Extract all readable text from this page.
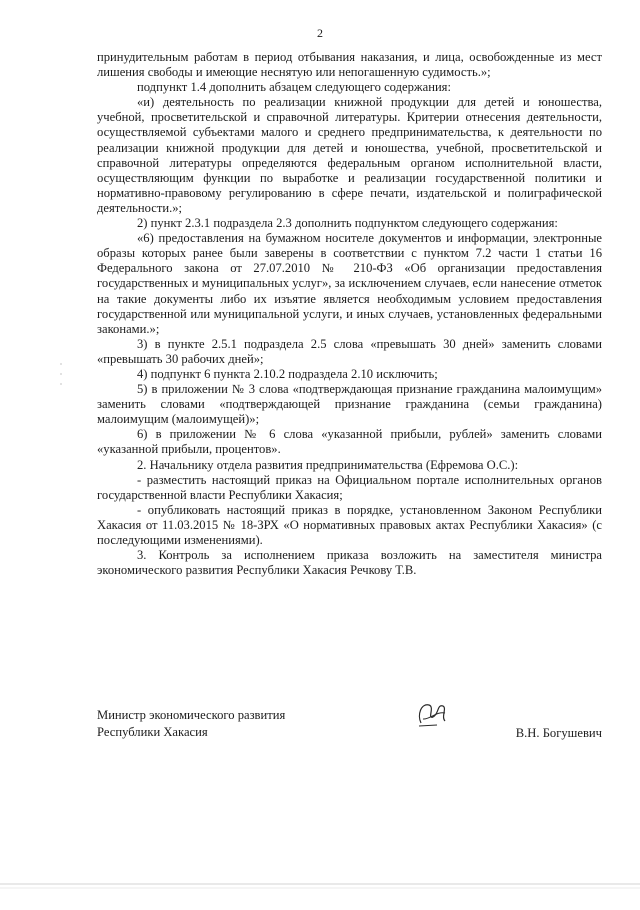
2

принудительным работам в период отбывания наказания, и лица, освобожденные из мест лишения свободы и имеющие неснятую или непогашенную судимость.»;

подпункт 1.4 дополнить абзацем следующего содержания:

«и) деятельность по реализации книжной продукции для детей и юношества, учебной, просветительской и справочной литературы. Критерии отнесения деятельности, осуществляемой субъектами малого и среднего предпринимательства, к деятельности по реализации книжной продукции для детей и юношества, учебной, просветительской и справочной литературы определяются федеральным органом исполнительной власти, осуществляющим функции по выработке и реализации государственной политики и нормативно-правовому регулированию в сфере печати, издательской и полиграфической деятельности.»;

2) пункт 2.3.1 подраздела 2.3 дополнить подпунктом следующего содержания:

«6) предоставления на бумажном носителе документов и информации, электронные образы которых ранее были заверены в соответствии с пунктом 7.2 части 1 статьи 16 Федерального закона от 27.07.2010 № 210-ФЗ «Об организации предоставления государственных и муниципальных услуг», за исключением случаев, если нанесение отметок на такие документы либо их изъятие является необходимым условием предоставления государственной или муниципальной услуги, и иных случаев, установленных федеральными законами.»;

3) в пункте 2.5.1 подраздела 2.5 слова «превышать 30 дней» заменить словами «превышать 30 рабочих дней»;

4) подпункт 6 пункта 2.10.2 подраздела 2.10 исключить;

5) в приложении № 3 слова «подтверждающая признание гражданина малоимущим» заменить словами «подтверждающей признание гражданина (семьи гражданина) малоимущим (малоимущей)»;

6) в приложении № 6 слова «указанной прибыли, рублей» заменить словами «указанной прибыли, процентов».

2. Начальнику отдела развития предпринимательства (Ефремова О.С.):

- разместить настоящий приказ на Официальном портале исполнительных органов государственной власти Республики Хакасия;

- опубликовать настоящий приказ в порядке, установленном Законом Республики Хакасия от 11.03.2015 № 18-ЗРХ «О нормативных правовых актах Республики Хакасия» (с последующими изменениями).

3. Контроль за исполнением приказа возложить на заместителя министра экономического развития Республики Хакасия Речкову Т.В.

Министр экономического развития
Республики Хакасия	В.Н. Богушевич
